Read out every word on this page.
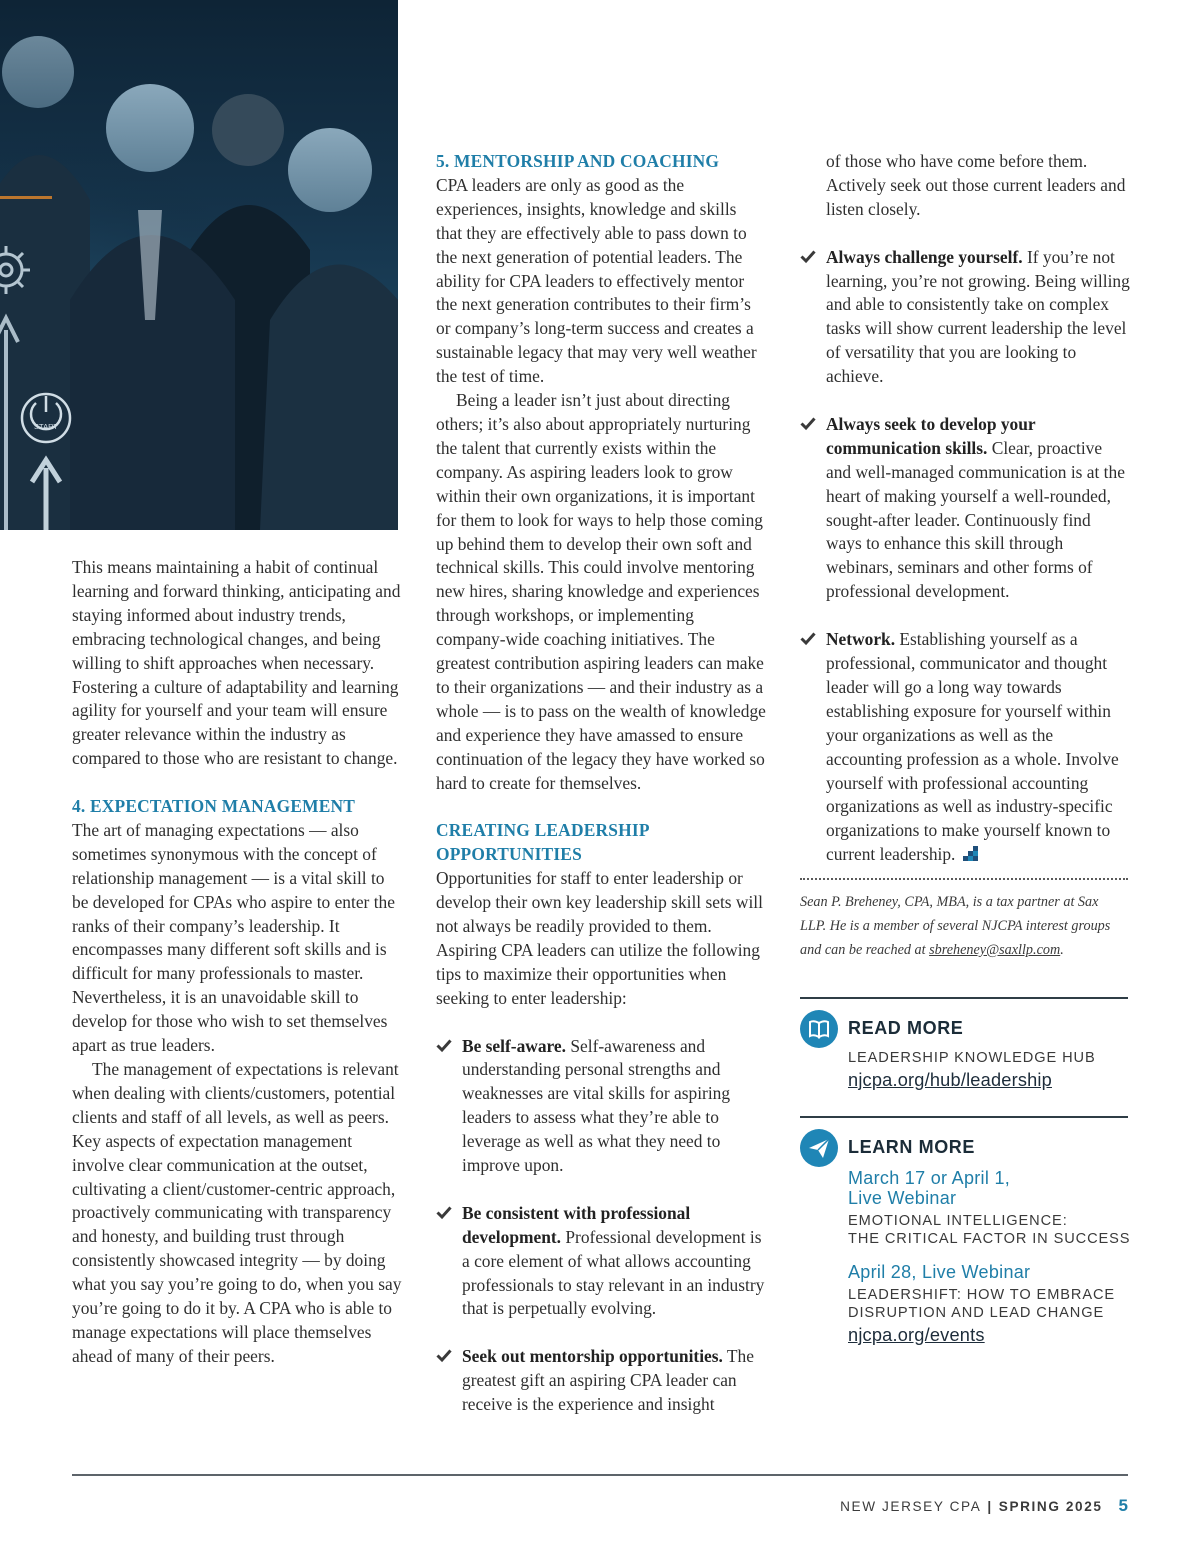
START

This means maintaining a habit of continual learning and forward thinking, anticipating and staying informed about industry trends, embracing technological changes, and being willing to shift approaches when necessary. Fostering a culture of adaptability and learning agility for yourself and your team will ensure greater relevance within the industry as compared to those who are resistant to change.

4. EXPECTATION MANAGEMENT

The art of managing expectations — also sometimes synonymous with the concept of relationship management — is a vital skill to be developed for CPAs who aspire to enter the ranks of their company’s leadership. It encompasses many different soft skills and is difficult for many professionals to master. Nevertheless, it is an unavoidable skill to develop for those who wish to set themselves apart as true leaders.

The management of expectations is relevant when dealing with clients/customers, potential clients and staff of all levels, as well as peers. Key aspects of expectation management involve clear communication at the outset, cultivating a client/customer-centric approach, proactively communicating with transparency and honesty, and building trust through consistently showcased integrity — by doing what you say you’re going to do, when you say you’re going to do it by. A CPA who is able to manage expectations will place themselves ahead of many of their peers.

5. MENTORSHIP AND COACHING

CPA leaders are only as good as the experiences, insights, knowledge and skills that they are effectively able to pass down to the next generation of potential leaders. The ability for CPA leaders to effectively mentor the next generation contributes to their firm’s or company’s long-term success and creates a sustainable legacy that may very well weather the test of time.

Being a leader isn’t just about directing others; it’s also about appropriately nurturing the talent that currently exists within the company. As aspiring leaders look to grow within their own organizations, it is important for them to look for ways to help those coming up behind them to develop their own soft and technical skills. This could involve mentoring new hires, sharing knowledge and experiences through workshops, or implementing company-wide coaching initiatives. The greatest contribution aspiring leaders can make to their organizations — and their industry as a whole — is to pass on the wealth of knowledge and experience they have amassed to ensure continuation of the legacy they have worked so hard to create for themselves.

CREATING LEADERSHIP OPPORTUNITIES

Opportunities for staff to enter leadership or develop their own key leadership skill sets will not always be readily provided to them. Aspiring CPA leaders can utilize the following tips to maximize their opportunities when seeking to enter leadership:

Be self-aware. Self-awareness and understanding personal strengths and weaknesses are vital skills for aspiring leaders to assess what they’re able to leverage as well as what they need to improve upon.
Be consistent with professional development. Professional development is a core element of what allows accounting professionals to stay relevant in an industry that is perpetually evolving.
Seek out mentorship opportunities. The greatest gift an aspiring CPA leader can receive is the experience and insight

of those who have come before them. Actively seek out those current leaders and listen closely.

Always challenge yourself. If you’re not learning, you’re not growing. Being willing and able to consistently take on complex tasks will show current leadership the level of versatility that you are looking to achieve.
Always seek to develop your communication skills. Clear, proactive and well-managed communication is at the heart of making yourself a well-rounded, sought-after leader. Continuously find ways to enhance this skill through webinars, seminars and other forms of professional development.
Network. Establishing yourself as a professional, communicator and thought leader will go a long way towards establishing exposure for yourself within your organizations as well as the accounting profession as a whole. Involve yourself with professional accounting organizations as well as industry-specific organizations to make yourself known to current leadership.

Sean P. Breheney, CPA, MBA, is a tax partner at Sax LLP. He is a member of several NJCPA interest groups and can be reached at sbreheney@saxllp.com.

READ MORE
LEADERSHIP KNOWLEDGE HUB
njcpa.org/hub/leadership
LEARN MORE
March 17 or April 1,
Live Webinar
EMOTIONAL INTELLIGENCE:
THE CRITICAL FACTOR IN SUCCESS
April 28, Live Webinar
LEADERSHIFT: HOW TO EMBRACE
DISRUPTION AND LEAD CHANGE
njcpa.org/events
NEW JERSEY CPA | SPRING 2025 5
